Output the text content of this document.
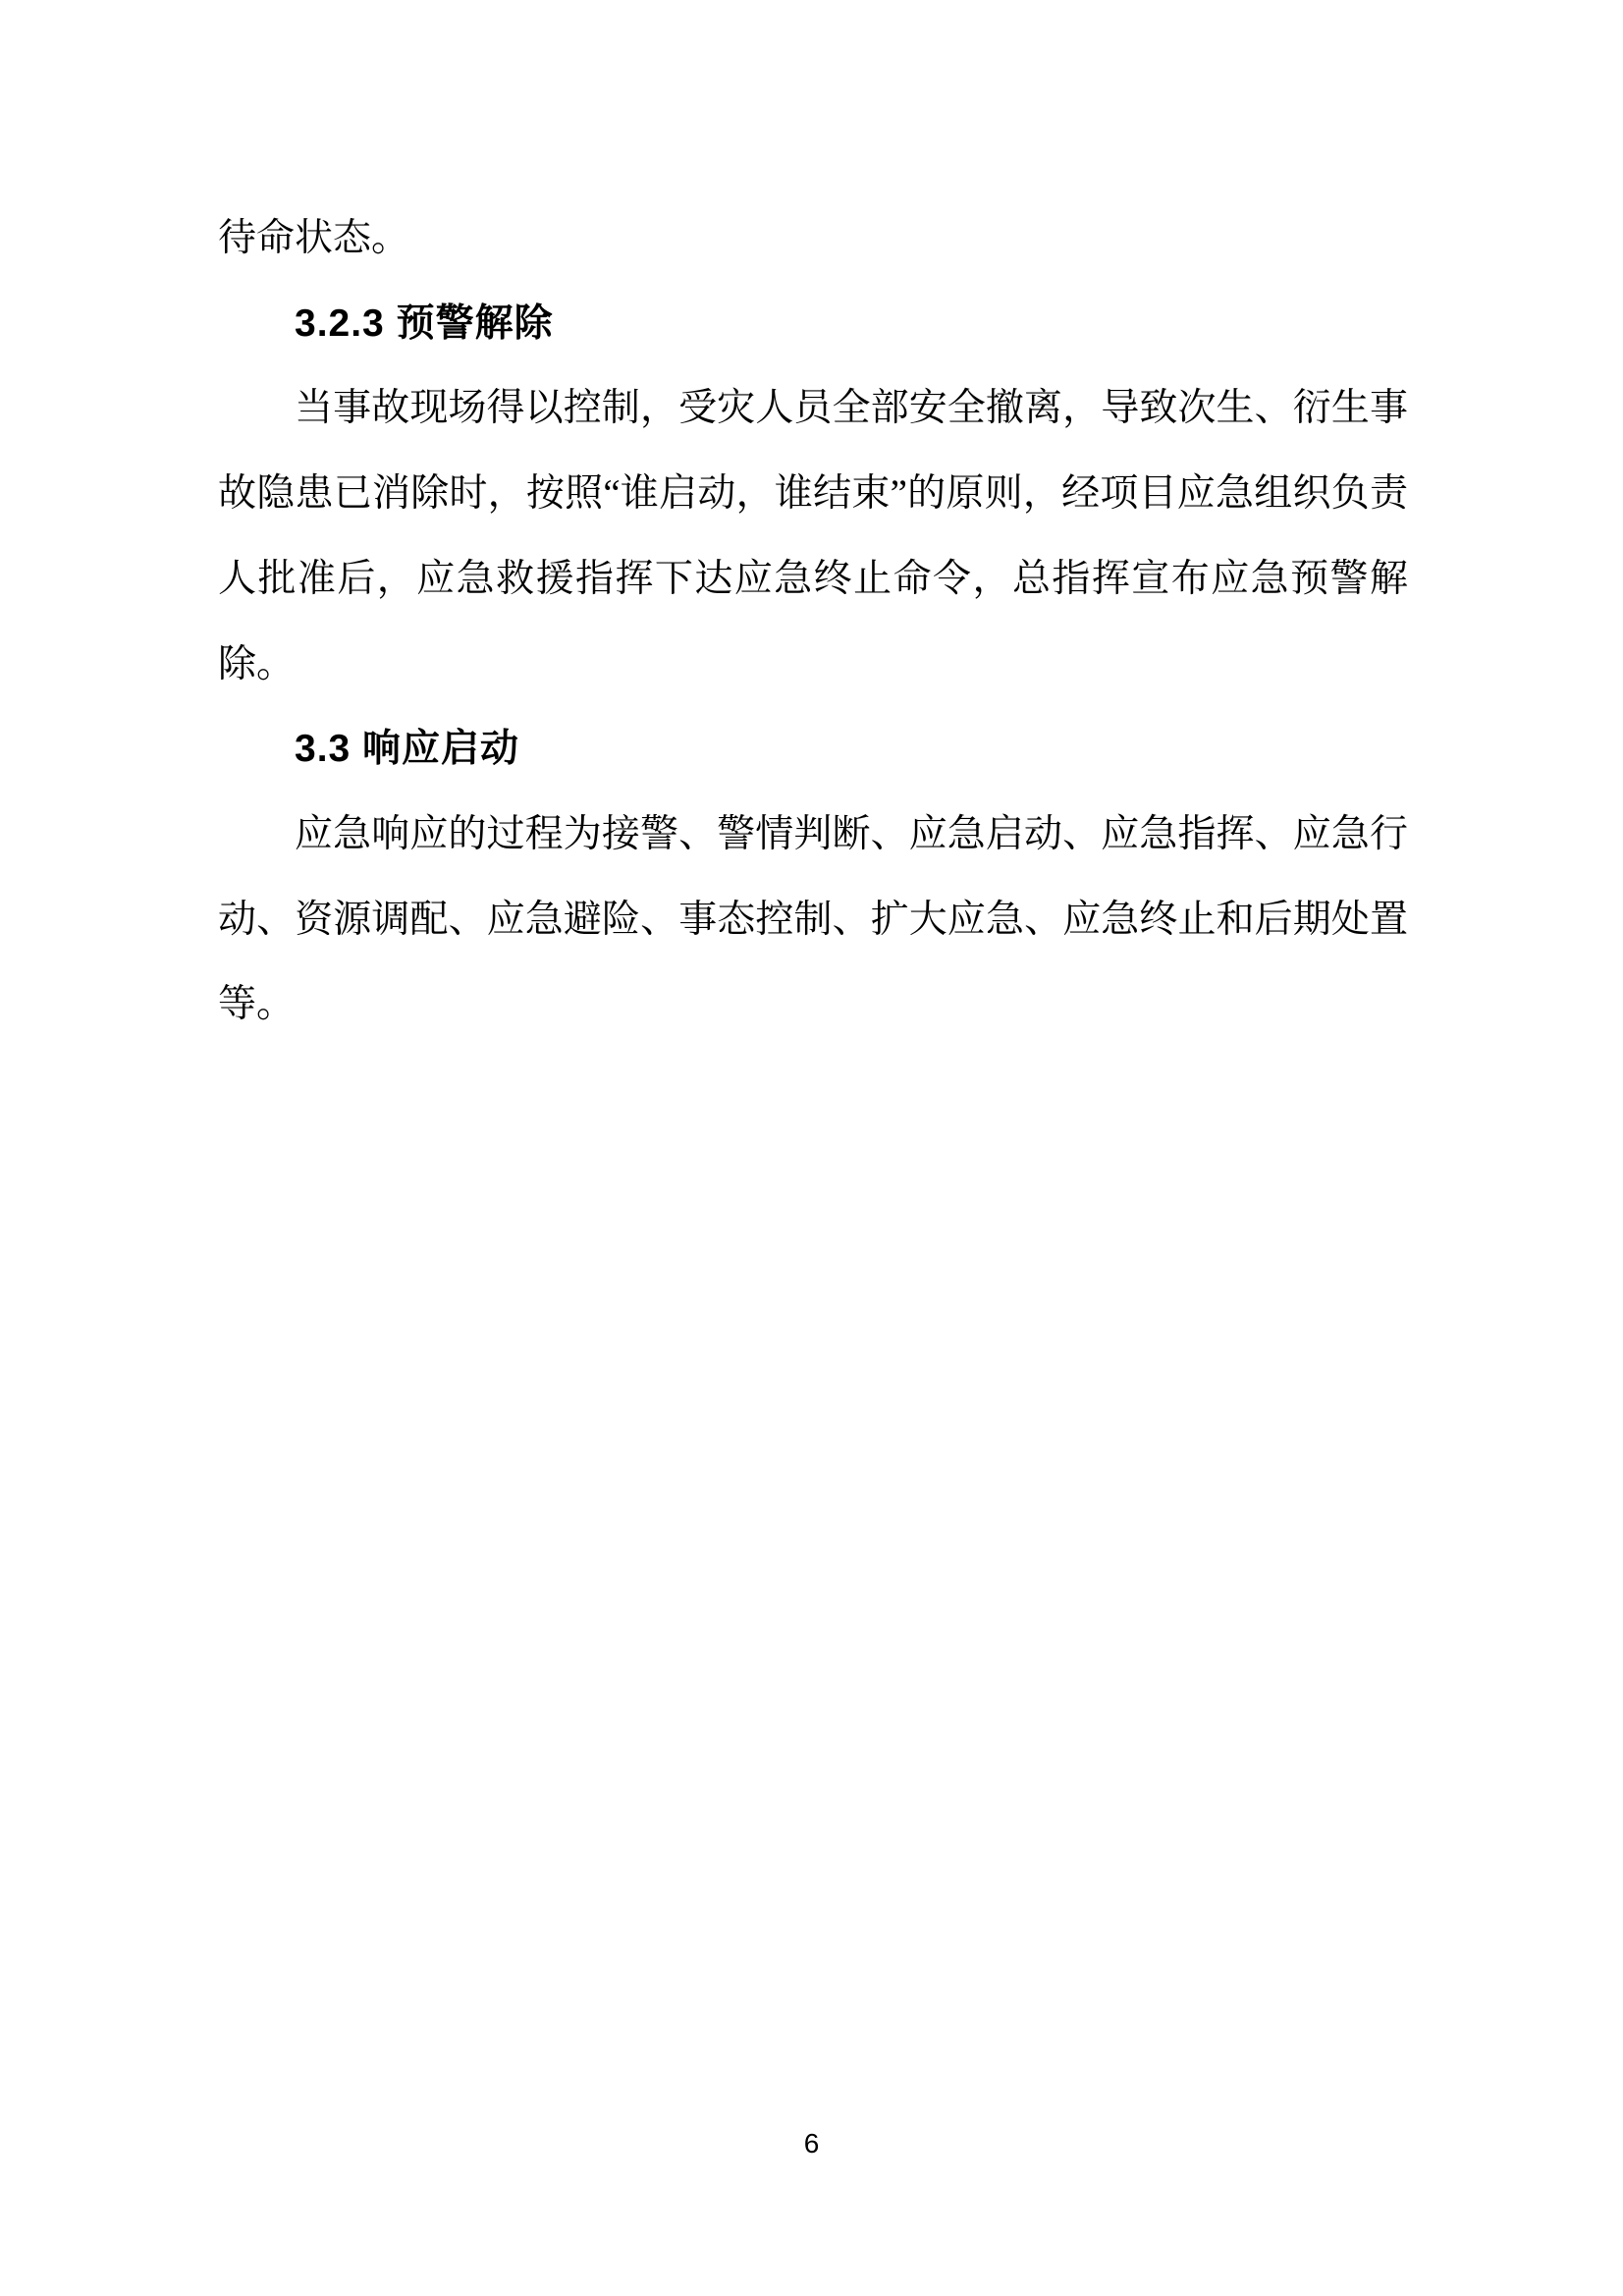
待命状态。

3.2.3 预警解除

当事故现场得以控制，受灾人员全部安全撤离，导致次生、衍生事故隐患已消除时，按照“谁启动，谁结束”的原则，经项目应急组织负责人批准后，应急救援指挥下达应急终止命令，总指挥宣布应急预警解除。

3.3 响应启动

应急响应的过程为接警、警情判断、应急启动、应急指挥、应急行动、资源调配、应急避险、事态控制、扩大应急、应急终止和后期处置等。

6
